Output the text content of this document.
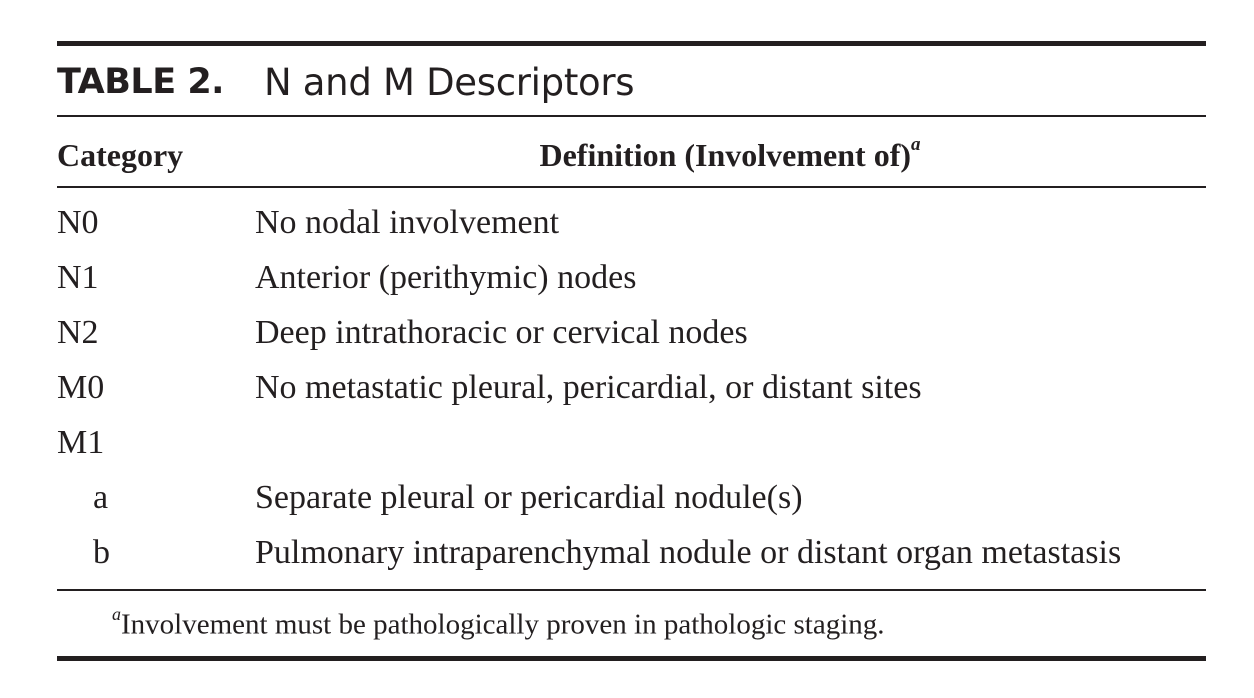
TABLE 2. N and M Descriptors
Category	Definition (Involvement of)$^a$
N0	No nodal involvement
N1	Anterior (perithymic) nodes
N2	Deep intrathoracic or cervical nodes
M0	No metastatic pleural, pericardial, or distant sites
M1
a	Separate pleural or pericardial nodule(s)
b	Pulmonary intraparenchymal nodule or distant organ metastasis
$^a$Involvement must be pathologically proven in pathologic staging.
